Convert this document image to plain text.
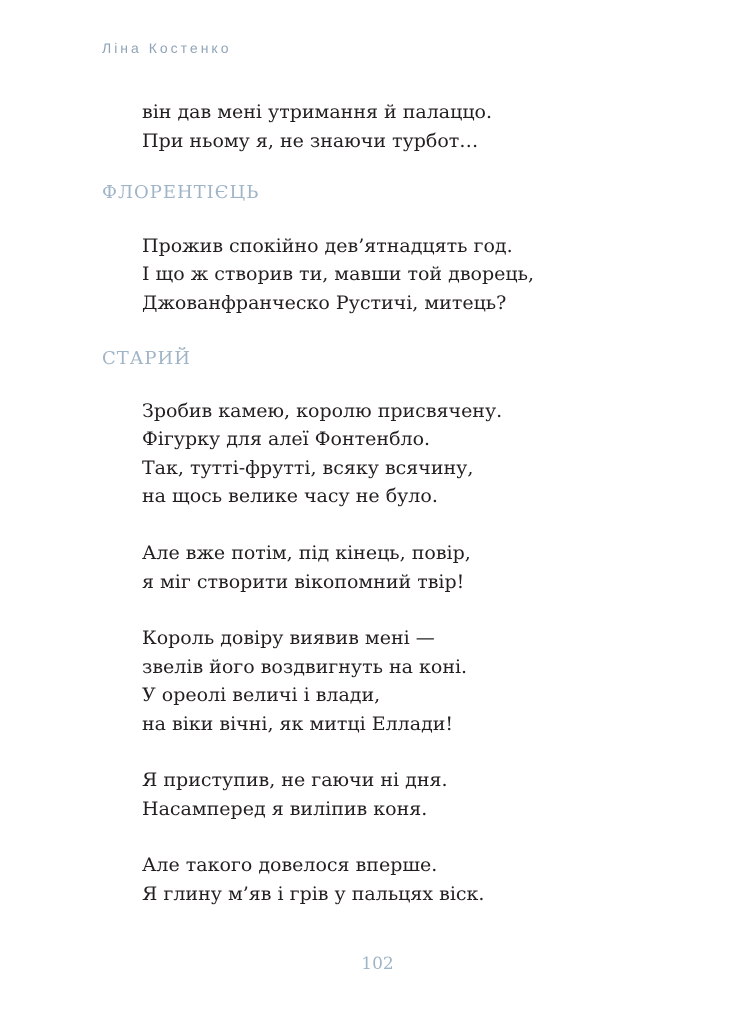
Ліна Костенко
він дав мені утримання й палаццо.
При ньому я, не знаючи турбот…
ФЛОРЕНТІЄЦЬ
Прожив спокійно дев’ятнадцять год.
І що ж створив ти, мавши той дворець,
Джованфранческо Рустичі, митець?
СТАРИЙ
Зробив камею, королю присвячену.
Фігурку для алеї Фонтенбло.
Так, тутті-фрутті, всяку всячину,
на щось велике часу не було.
Але вже потім, під кінець, повір,
я міг створити вікопомний твір!
Король довіру виявив мені —
звелів його воздвигнуть на коні.
У ореолі величі і влади,
на віки вічні, як митці Еллади!
Я приступив, не гаючи ні дня.
Насамперед я виліпив коня.
Але такого довелося вперше.
Я глину м’яв і грів у пальцях віск.
102
